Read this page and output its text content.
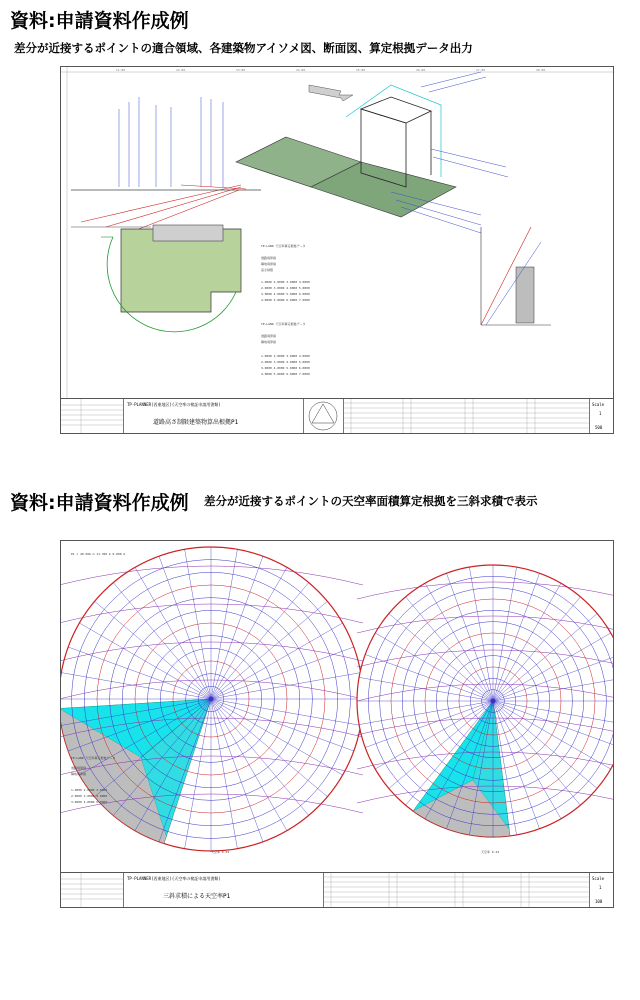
資料:申請資料作成例
差分が近接するポイントの適合領域、各建築物アイソメ図、断面図、算定根拠データ出力
11.00	12.00	13.00	14.00	15.00	16.00	17.00	18.00
TP-LAND 天空率算定根拠データ
道路境界線
隣地境界線
高さ制限
1.0000 2.0000 3.0000 4.0000
2.0000 3.0000 4.0000 5.0000
3.0000 4.0000 5.0000 6.0000
4.0000 5.0000 6.0000 7.0000
TP-LAND 天空率算定根拠データ
道路境界線
隣地境界線
1.0000 2.0000 3.0000 4.0000
2.0000 3.0000 4.0000 5.0000
3.0000 4.0000 5.0000 6.0000
4.0000 5.0000 6.0000 7.0000
TP-PLANNER(西東地区)(天空率の検証申請用書類)
道路高さ制限建築物算出根拠P1
Scale
1
500
資料:申請資料作成例 差分が近接するポイントの天空率面積算定根拠を三斜求積で表示
P1 = 40.566 m 11.356 m 0.000 m
TP-LAND 天空率算定根拠データ
道路境界線
隣地境界線
1.0000 2.0000 3.0000
2.0000 3.0000 4.0000
3.0000 4.0000 5.0000
天空率 0.34	天空率 0.34
TP-PLANNER(西東地区)(天空率の検証申請用書類)
三斜求積による天空率P1
Scale
1
100
